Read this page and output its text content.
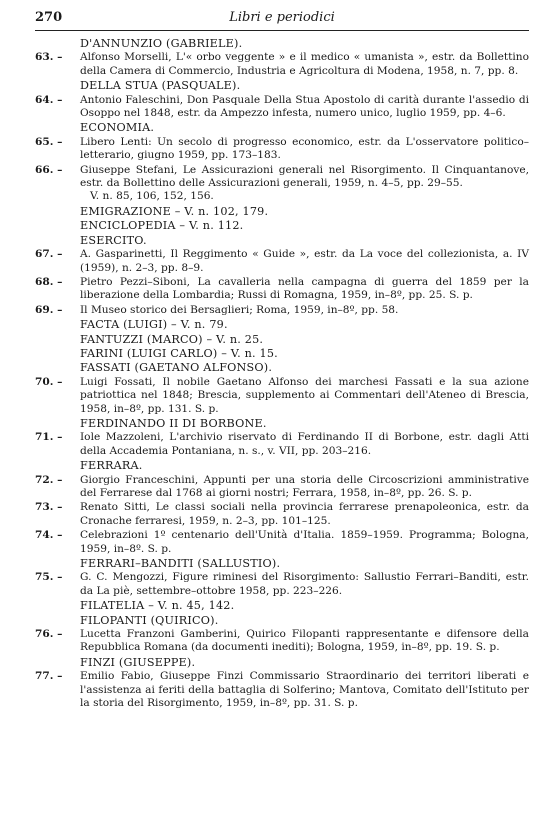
270	Libri e periodici
D'ANNUNZIO (GABRIELE).
63. – Alfonso Morselli, L'« orbo veggente » e il medico « umanista », estr. da Bollettino della Camera di Commercio, Industria e Agricoltura di Modena, 1958, n. 7, pp. 8.
DELLA STUA (PASQUALE).
64. – Antonio Faleschini, Don Pasquale Della Stua Apostolo di carità durante l'assedio di Osoppo nel 1848, estr. da Ampezzo infesta, numero unico, luglio 1959, pp. 4–6.
ECONOMIA.
65. – Libero Lenti: Un secolo di progresso economico, estr. da L'osservatore politico–letterario, giugno 1959, pp. 173–183.
66. – Giuseppe Stefani, Le Assicurazioni generali nel Risorgimento. Il Cinquantanove, estr. da Bollettino delle Assicurazioni generali, 1959, n. 4–5, pp. 29–55.
V. n. 85, 106, 152, 156.
EMIGRAZIONE – V. n. 102, 179.
ENCICLOPEDIA – V. n. 112.
ESERCITO.
67. – A. Gasparinetti, Il Reggimento « Guide », estr. da La voce del collezionista, a. IV (1959), n. 2–3, pp. 8–9.
68. – Pietro Pezzi–Siboni, La cavalleria nella campagna di guerra del 1859 per la liberazione della Lombardia; Russi di Romagna, 1959, in–8º, pp. 25. S. p.
69. – Il Museo storico dei Bersaglieri; Roma, 1959, in–8º, pp. 58.
FACTA (LUIGI) – V. n. 79.
FANTUZZI (MARCO) – V. n. 25.
FARINI (LUIGI CARLO) – V. n. 15.
FASSATI (GAETANO ALFONSO).
70. – Luigi Fossati, Il nobile Gaetano Alfonso dei marchesi Fassati e la sua azione patriottica nel 1848; Brescia, supplemento ai Commentari dell'Ateneo di Brescia, 1958, in–8º, pp. 131. S. p.
FERDINANDO II DI BORBONE.
71. – Iole Mazzoleni, L'archivio riservato di Ferdinando II di Borbone, estr. dagli Atti della Accademia Pontaniana, n. s., v. VII, pp. 203–216.
FERRARA.
72. – Giorgio Franceschini, Appunti per una storia delle Circoscrizioni amministrative del Ferrarese dal 1768 ai giorni nostri; Ferrara, 1958, in–8º, pp. 26. S. p.
73. – Renato Sitti, Le classi sociali nella provincia ferrarese prenapoleonica, estr. da Cronache ferraresi, 1959, n. 2–3, pp. 101–125.
74. – Celebrazioni 1º centenario dell'Unità d'Italia. 1859–1959. Programma; Bologna, 1959, in–8º. S. p.
FERRARI–BANDITI (SALLUSTIO).
75. – G. C. Mengozzi, Figure riminesi del Risorgimento: Sallustio Ferrari–Banditi, estr. da La piè, settembre–ottobre 1958, pp. 223–226.
FILATELIA – V. n. 45, 142.
FILOPANTI (QUIRICO).
76. – Lucetta Franzoni Gamberini, Quirico Filopanti rappresentante e difensore della Repubblica Romana (da documenti inediti); Bologna, 1959, in–8º, pp. 19. S. p.
FINZI (GIUSEPPE).
77. – Emilio Fabio, Giuseppe Finzi Commissario Straordinario dei territori liberati e l'assistenza ai feriti della battaglia di Solferino; Mantova, Comitato dell'Istituto per la storia del Risorgimento, 1959, in–8º, pp. 31. S. p.
